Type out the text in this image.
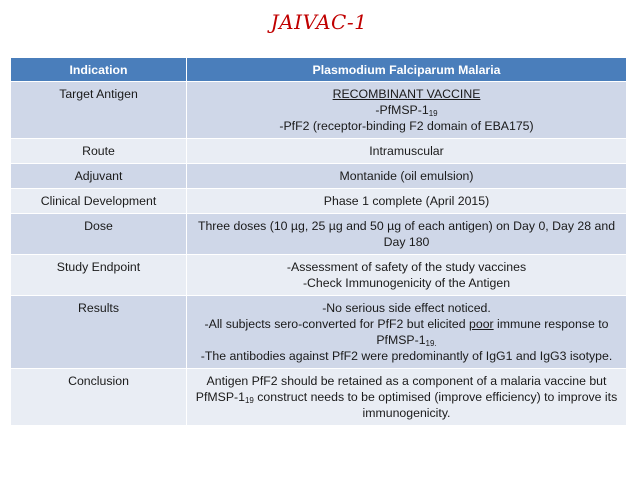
JAIVAC-1
Indication	Plasmodium Falciparum Malaria
Target Antigen	RECOMBINANT VACCINE
$-PfMSP-1_{19}$
-PfF2 (receptor-binding F2 domain of EBA175)

Route	Intramuscular
Adjuvant	Montanide (oil emulsion)
Clinical Development	Phase 1 complete (April 2015)
Dose	Three doses (10 µg, 25 µg and 50 µg of each antigen) on Day 0, Day 28 and Day 180
Study Endpoint	-Assessment of safety of the study vaccines
-Check Immunogenicity of the Antigen

Results	-No serious side effect noticed.
-All subjects sero-converted for PfF2 but elicited poor immune response to PfMSP-$1_{19.}$
-The antibodies against PfF2 were predominantly of IgG1 and IgG3 isotype.

Conclusion	Antigen PfF2 should be retained as a component of a malaria vaccine but PfMSP-$1_{19}$ construct needs to be optimised (improve efficiency) to improve its immunogenicity.
